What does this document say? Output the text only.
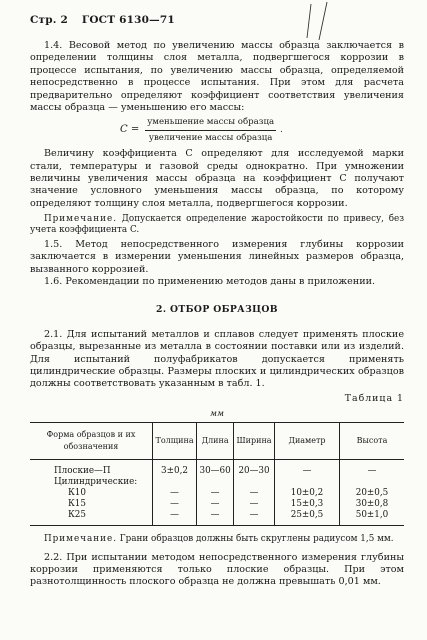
Стр. 2 ГОСТ 6130—71

1.4. Весовой метод по увеличению массы образца заключается в определении толщины слоя металла, подвергшегося коррозии в процессе испытания, по увеличению массы образца, определяемой непосредственно в процессе испытания. При этом для расчета предварительно определяют коэффициент соответствия увеличения массы образца — уменьшению его массы:

$C = \frac{\text{уменьшение массы образца}}{\text{увеличение массы образца}}$ .

Величину коэффициента C определяют для исследуемой марки стали, температуры и газовой среды однократно. При умножении величины увеличения массы образца на коэффициент C получают значение условного уменьшения массы образца, по которому определяют толщину слоя металла, подвергшегося коррозии.

Примечание. Допускается определение жаростойкости по привесу, без учета коэффициента C.

1.5. Метод непосредственного измерения глубины коррозии заключается в измерении уменьшения линейных размеров образца, вызванного коррозией.

1.6. Рекомендации по применению методов даны в приложении.

2. ОТБОР ОБРАЗЦОВ

2.1. Для испытаний металлов и сплавов следует применять плоские образцы, вырезанные из металла в состоянии поставки или из изделий. Для испытаний полуфабрикатов допускается применять цилиндрические образцы. Размеры плоских и цилиндрических образцов должны соответствовать указанным в табл. 1.

Таблица 1
мм
Форма образцов и их обозначения	Толщина	Длина	Ширина	Диаметр	Высота
Плоские—П	3±0,2	30—60	20—30	—	—
Цилиндрические:					
К10	—	—	—	10±0,2	20±0,5
К15	—	—	—	15±0,3	30±0,8
К25	—	—	—	25±0,5	50±1,0

Примечание. Грани образцов должны быть скруглены радиусом 1,5 мм.

2.2. При испытании методом непосредственного измерения глубины коррозии применяются только плоские образцы. При этом разнотолщинность плоского образца не должна превышать 0,01 мм.
